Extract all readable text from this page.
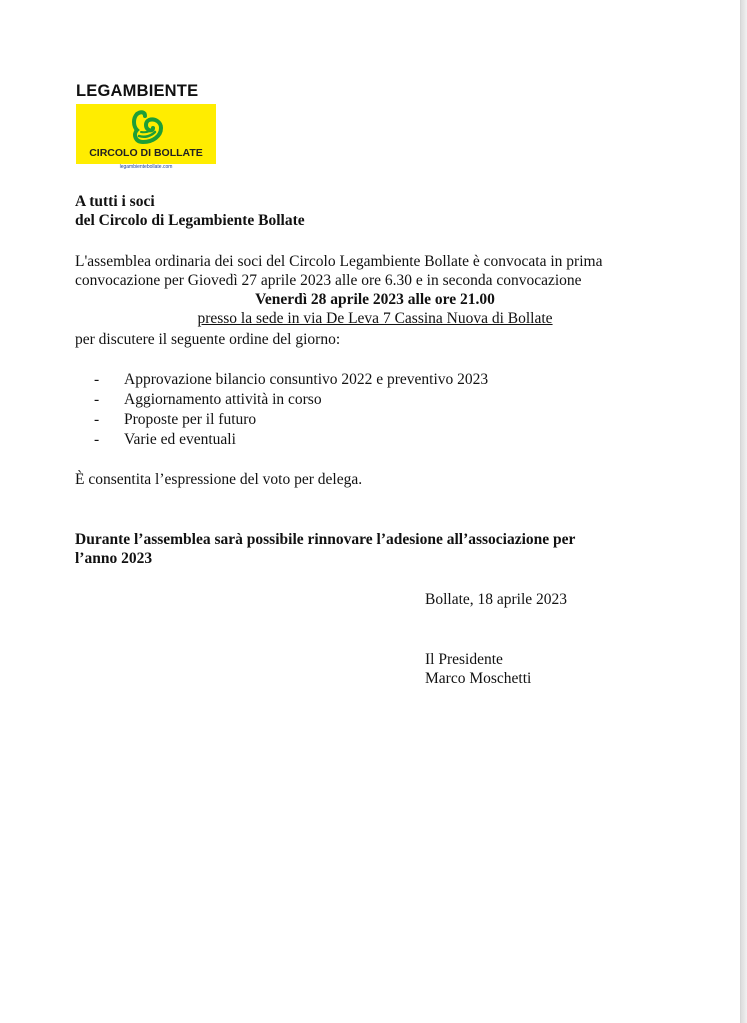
LEGAMBIENTE
CIRCOLO DI BOLLATE
legambientebollate.com
A tutti i soci
del Circolo di Legambiente Bollate
L'assemblea ordinaria dei soci del Circolo Legambiente Bollate è convocata in prima
convocazione per Giovedì 27 aprile 2023 alle ore 6.30 e in seconda convocazione
Venerdì 28 aprile 2023 alle ore 21.00
presso la sede in via De Leva 7 Cassina Nuova di Bollate
per discutere il seguente ordine del giorno:
- Approvazione bilancio consuntivo 2022 e preventivo 2023
- Aggiornamento attività in corso
- Proposte per il futuro
- Varie ed eventuali
È consentita l’espressione del voto per delega.
Durante l’assemblea sarà possibile rinnovare l’adesione all’associazione per
l’anno 2023
Bollate, 18 aprile 2023
Il Presidente
Marco Moschetti
